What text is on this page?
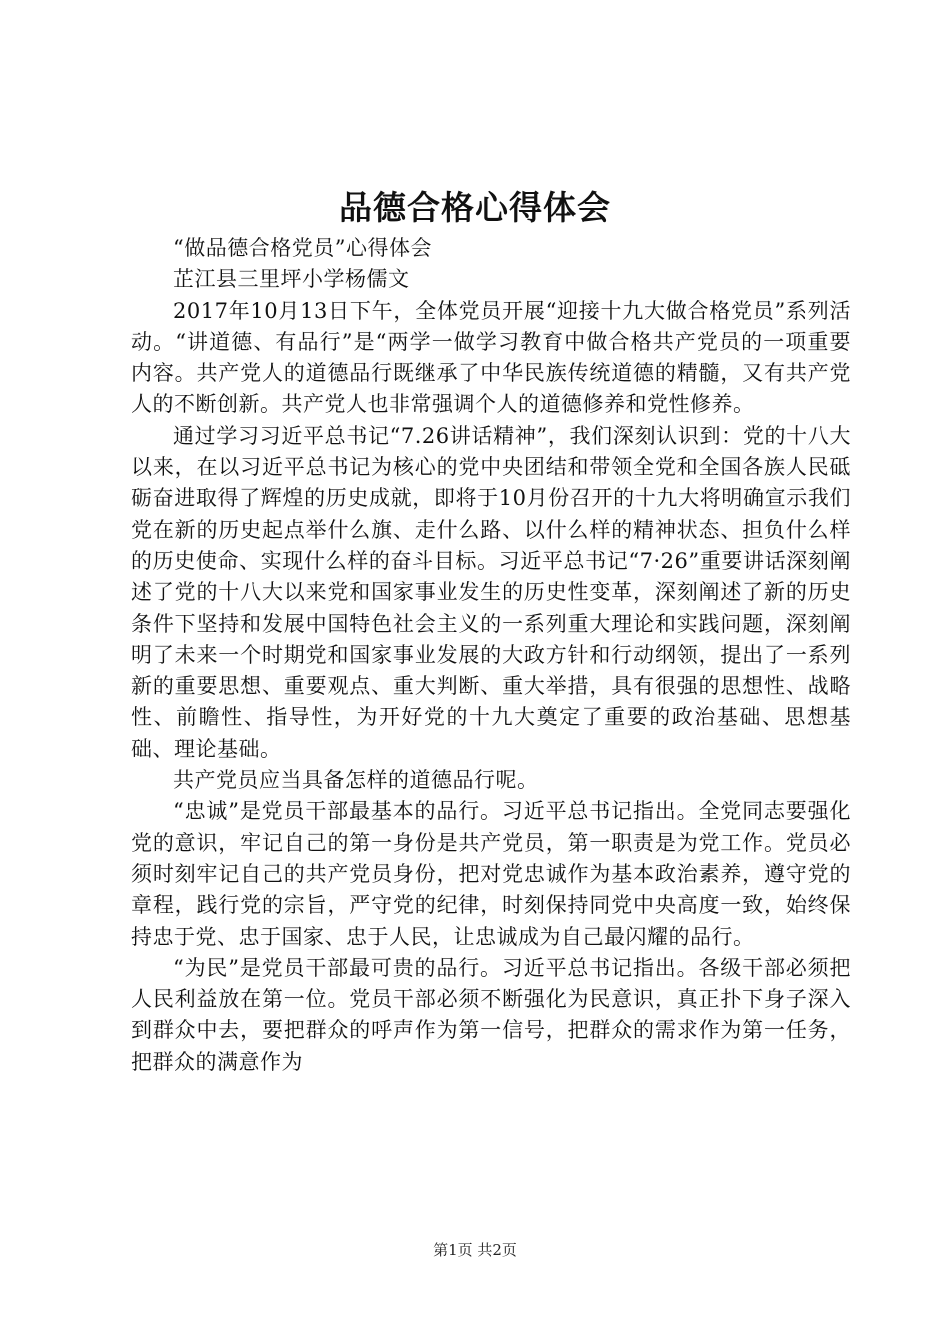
品德合格心得体会

“做品德合格党员”心得体会

芷江县三里坪小学杨儒文

2017年10月13日下午，全体党员开展“迎接十九大做合格党员”系列活动。“讲道德、有品行”是“两学一做学习教育中做合格共产党员的一项重要内容。共产党人的道德品行既继承了中华民族传统道德的精髓，又有共产党人的不断创新。共产党人也非常强调个人的道德修养和党性修养。

通过学习习近平总书记“7.26讲话精神”，我们深刻认识到：党的十八大以来，在以习近平总书记为核心的党中央团结和带领全党和全国各族人民砥砺奋进取得了辉煌的历史成就，即将于10月份召开的十九大将明确宣示我们党在新的历史起点举什么旗、走什么路、以什么样的精神状态、担负什么样的历史使命、实现什么样的奋斗目标。习近平总书记“7·26”重要讲话深刻阐述了党的十八大以来党和国家事业发生的历史性变革，深刻阐述了新的历史条件下坚持和发展中国特色社会主义的一系列重大理论和实践问题，深刻阐明了未来一个时期党和国家事业发展的大政方针和行动纲领，提出了一系列新的重要思想、重要观点、重大判断、重大举措，具有很强的思想性、战略性、前瞻性、指导性，为开好党的十九大奠定了重要的政治基础、思想基础、理论基础。

共产党员应当具备怎样的道德品行呢。

“忠诚”是党员干部最基本的品行。习近平总书记指出。全党同志要强化党的意识，牢记自己的第一身份是共产党员，第一职责是为党工作。党员必须时刻牢记自己的共产党员身份，把对党忠诚作为基本政治素养，遵守党的章程，践行党的宗旨，严守党的纪律，时刻保持同党中央高度一致，始终保持忠于党、忠于国家、忠于人民，让忠诚成为自己最闪耀的品行。

“为民”是党员干部最可贵的品行。习近平总书记指出。各级干部必须把人民利益放在第一位。党员干部必须不断强化为民意识，真正扑下身子深入到群众中去，要把群众的呼声作为第一信号，把群众的需求作为第一任务，把群众的满意作为

第1页 共2页
